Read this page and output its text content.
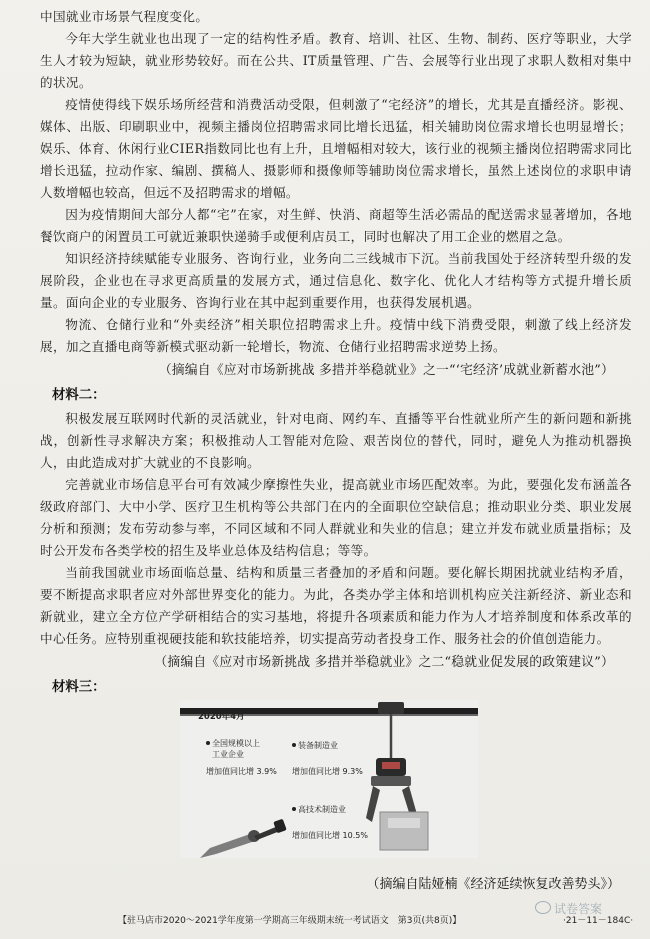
中国就业市场景气程度变化。

今年大学生就业也出现了一定的结构性矛盾。教育、培训、社区、生物、制药、医疗等职业，大学生人才较为短缺，就业形势较好。而在公共、IT质量管理、广告、会展等行业出现了求职人数相对集中的状况。

疫情使得线下娱乐场所经营和消费活动受限，但刺激了“宅经济”的增长，尤其是直播经济。影视、媒体、出版、印刷职业中，视频主播岗位招聘需求同比增长迅猛，相关辅助岗位需求增长也明显增长；娱乐、体育、休闲行业CIER指数同比也有上升，且增幅相对较大，该行业的视频主播岗位招聘需求同比增长迅猛，拉动作家、编剧、撰稿人、摄影师和摄像师等辅助岗位需求增长，虽然上述岗位的求职申请人数增幅也较高，但远不及招聘需求的增幅。

因为疫情期间大部分人都“宅”在家，对生鲜、快消、商超等生活必需品的配送需求显著增加，各地餐饮商户的闲置员工可就近兼职快递骑手或便利店员工，同时也解决了用工企业的燃眉之急。

知识经济持续赋能专业服务、咨询行业，业务向二三线城市下沉。当前我国处于经济转型升级的发展阶段，企业也在寻求更高质量的发展方式，通过信息化、数字化、优化人才结构等方式提升增长质量。面向企业的专业服务、咨询行业在其中起到重要作用，也获得发展机遇。

物流、仓储行业和“外卖经济”相关职位招聘需求上升。疫情中线下消费受限，刺激了线上经济发展，加之直播电商等新模式驱动新一轮增长，物流、仓储行业招聘需求逆势上扬。

（摘编自《应对市场新挑战 多措并举稳就业》之一“‘宅经济’成就业新蓄水池”）
材料二：

积极发展互联网时代新的灵活就业，针对电商、网约车、直播等平台性就业所产生的新问题和新挑战，创新性寻求解决方案；积极推动人工智能对危险、艰苦岗位的替代，同时，避免人为推动机器换人，由此造成对扩大就业的不良影响。

完善就业市场信息平台可有效减少摩擦性失业，提高就业市场匹配效率。为此，要强化发布涵盖各级政府部门、大中小学、医疗卫生机构等公共部门在内的全面职位空缺信息；推动职业分类、职业发展分析和预测；发布劳动参与率，不同区域和不同人群就业和失业的信息；建立并发布就业质量指标；及时公开发布各类学校的招生及毕业总体及结构信息；等等。

当前我国就业市场面临总量、结构和质量三者叠加的矛盾和问题。要化解长期困扰就业结构矛盾，要不断提高求职者应对外部世界变化的能力。为此，各类办学主体和培训机构应关注新经济、新业态和新就业，建立全方位产学研相结合的实习基地，将提升各项素质和能力作为人才培养制度和体系改革的中心任务。应特别重视硬技能和软技能培养，切实提高劳动者投身工作、服务社会的价值创造能力。

（摘编自《应对市场新挑战 多措并举稳就业》之二“稳就业促发展的政策建议”）
材料三：
2020年4月
全国规模以上
工业企业
增加值同比增 3.9%
装备制造业
增加值同比增 9.3%
高技术制造业
增加值同比增 10.5%
（摘编自陆娅楠《经济延续恢复改善势头》）
【驻马店市2020～2021学年度第一学期高三年级期末统一考试语文　第3页(共8页)】	·21－11－184C·
试卷答案
